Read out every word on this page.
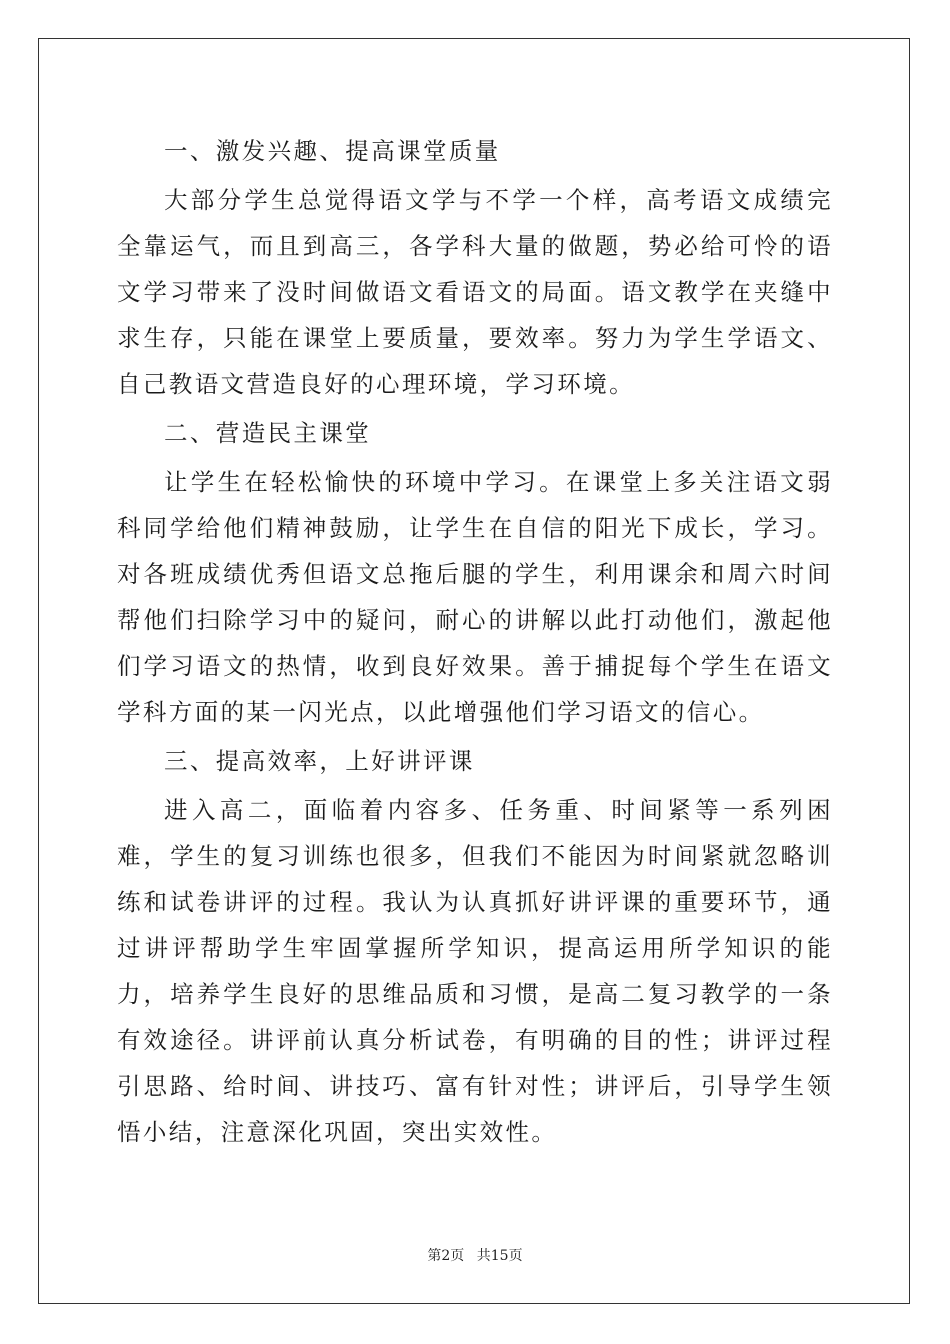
一、激发兴趣、提高课堂质量

大部分学生总觉得语文学与不学一个样，高考语文成绩完全靠运气，而且到高三，各学科大量的做题，势必给可怜的语文学习带来了没时间做语文看语文的局面。语文教学在夹缝中求生存，只能在课堂上要质量，要效率。努力为学生学语文、自己教语文营造良好的心理环境，学习环境。

二、营造民主课堂

让学生在轻松愉快的环境中学习。在课堂上多关注语文弱科同学给他们精神鼓励，让学生在自信的阳光下成长，学习。对各班成绩优秀但语文总拖后腿的学生，利用课余和周六时间帮他们扫除学习中的疑问，耐心的讲解以此打动他们，激起他们学习语文的热情，收到良好效果。善于捕捉每个学生在语文学科方面的某一闪光点，以此增强他们学习语文的信心。

三、提高效率，上好讲评课

进入高二，面临着内容多、任务重、时间紧等一系列困难，学生的复习训练也很多，但我们不能因为时间紧就忽略训练和试卷讲评的过程。我认为认真抓好讲评课的重要环节，通过讲评帮助学生牢固掌握所学知识，提高运用所学知识的能力，培养学生良好的思维品质和习惯，是高二复习教学的一条有效途径。讲评前认真分析试卷，有明确的目的性；讲评过程引思路、给时间、讲技巧、富有针对性；讲评后，引导学生领悟小结，注意深化巩固，突出实效性。

第2页 共15页
